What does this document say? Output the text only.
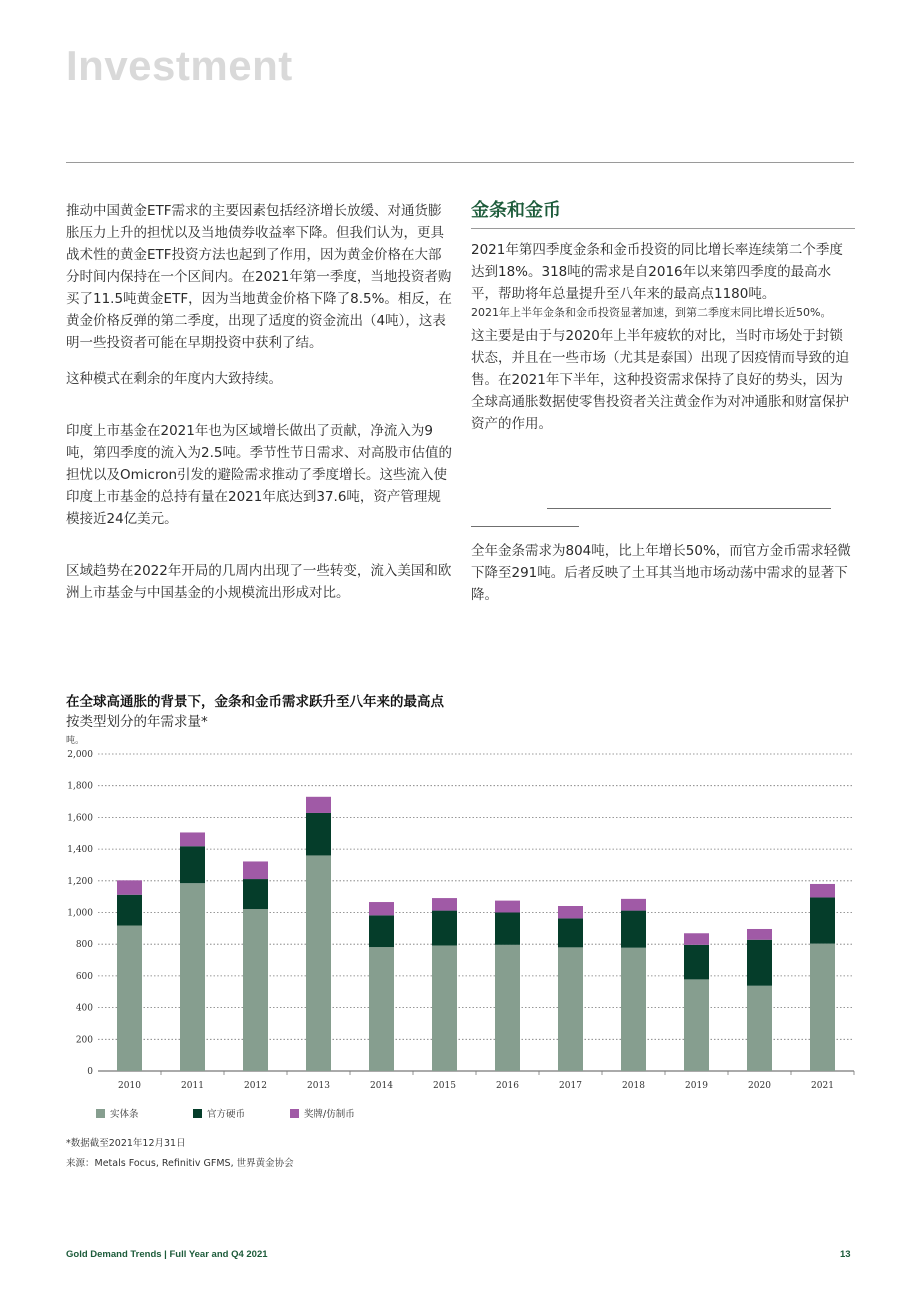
Investment

推动中国黄金ETF需求的主要因素包括经济增长放缓、对通货膨胀压力上升的担忧以及当地债券收益率下降。但我们认为，更具战术性的黄金ETF投资方法也起到了作用，因为黄金价格在大部分时间内保持在一个区间内。在2021年第一季度，当地投资者购买了11.5吨黄金ETF，因为当地黄金价格下降了8.5%。相反，在黄金价格反弹的第二季度，出现了适度的资金流出（4吨），这表明一些投资者可能在早期投资中获利了结。

这种模式在剩余的年度内大致持续。

印度上市基金在2021年也为区域增长做出了贡献，净流入为9吨，第四季度的流入为2.5吨。季节性节日需求、对高股市估值的担忧以及Omicron引发的避险需求推动了季度增长。这些流入使印度上市基金的总持有量在2021年底达到37.6吨，资产管理规模接近24亿美元。

区域趋势在2022年开局的几周内出现了一些转变，流入美国和欧洲上市基金与中国基金的小规模流出形成对比。

金条和金币

2021年第四季度金条和金币投资的同比增长率连续第二个季度达到18%。318吨的需求是自2016年以来第四季度的最高水平，帮助将年总量提升至八年来的最高点1180吨。

2021年上半年金条和金币投资显著加速，到第二季度末同比增长近50%。

这主要是由于与2020年上半年疲软的对比，当时市场处于封锁状态，并且在一些市场（尤其是泰国）出现了因疫情而导致的迫售。在2021年下半年，这种投资需求保持了良好的势头，因为全球高通胀数据使零售投资者关注黄金作为对冲通胀和财富保护资产的作用。

全年金条需求为804吨，比上年增长50%，而官方金币需求轻微下降至291吨。后者反映了土耳其当地市场动荡中需求的显著下降。

在全球高通胀的背景下，金条和金币需求跃升至八年来的最高点

按类型划分的年需求量*

吨。

0
200
400
600
800
1,000
1,200
1,400
1,600
1,800
2,000
2010	2011	2012	2013	2014	2015	2016	2017	2018	2019	2020	2021
实体条	官方硬币	奖牌/仿制币
*数据截至2021年12月31日
来源：Metals Focus, Refinitiv GFMS, 世界黄金协会
Gold Demand Trends | Full Year and Q4 2021	13
